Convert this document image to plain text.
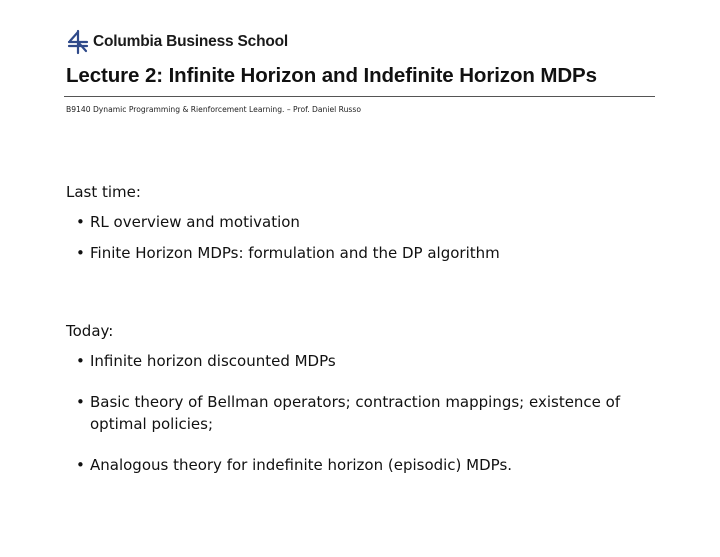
Columbia Business School
Lecture 2: Infinite Horizon and Indefinite Horizon MDPs
B9140 Dynamic Programming & Rienforcement Learning. – Prof. Daniel Russo

Last time:

• RL overview and motivation
• Finite Horizon MDPs: formulation and the DP algorithm

Today:

• Infinite horizon discounted MDPs
• Basic theory of Bellman operators; contraction mappings; existence of optimal policies;
• Analogous theory for indefinite horizon (episodic) MDPs.
